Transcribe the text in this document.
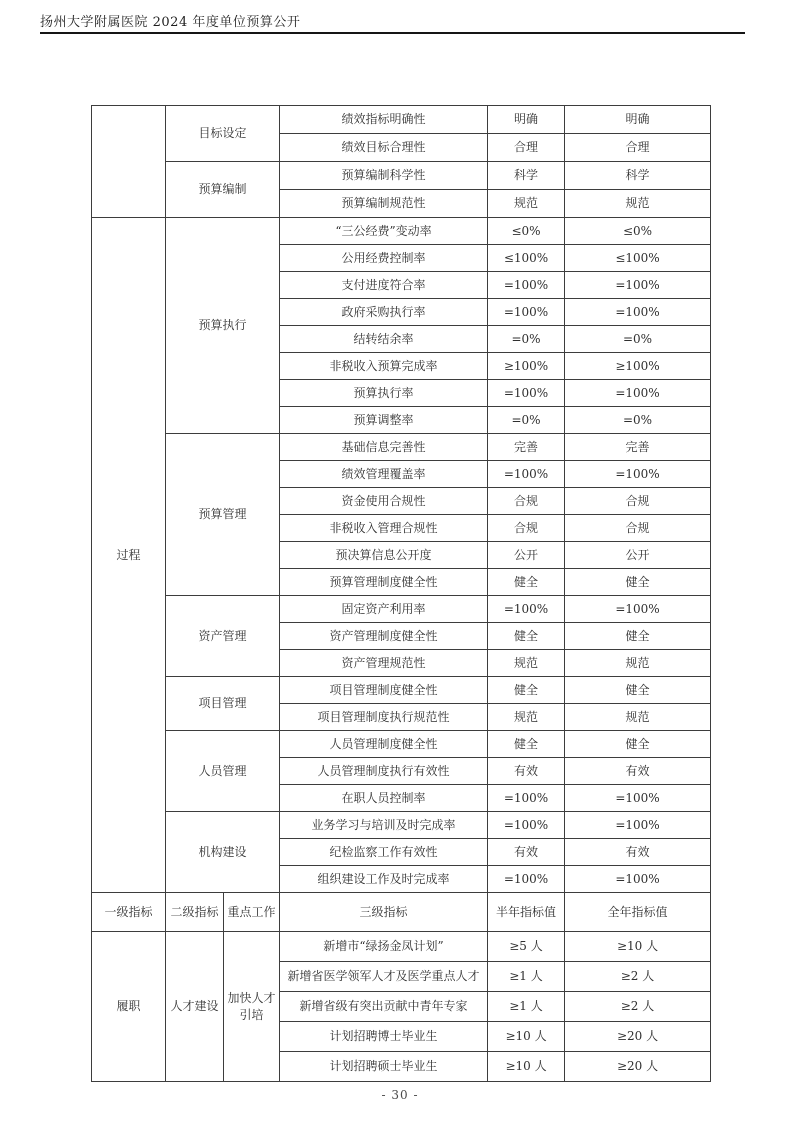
扬州大学附属医院 2024 年度单位预算公开
	目标设定		绩效指标明确性	明确	明确
			绩效目标合理性	合理	合理
	预算编制		预算编制科学性	科学	科学
			预算编制规范性	规范	规范
过程	预算执行		“三公经费”变动率	≤0%	≤0%
			公用经费控制率	≤100%	≤100%
			支付进度符合率	=100%	=100%
			政府采购执行率	=100%	=100%
			结转结余率	=0%	=0%
			非税收入预算完成率	≥100%	≥100%
			预算执行率	=100%	=100%
			预算调整率	=0%	=0%
	预算管理		基础信息完善性	完善	完善
			绩效管理覆盖率	=100%	=100%
			资金使用合规性	合规	合规
			非税收入管理合规性	合规	合规
			预决算信息公开度	公开	公开
			预算管理制度健全性	健全	健全
	资产管理		固定资产利用率	=100%	=100%
			资产管理制度健全性	健全	健全
			资产管理规范性	规范	规范
	项目管理		项目管理制度健全性	健全	健全
			项目管理制度执行规范性	规范	规范
	人员管理		人员管理制度健全性	健全	健全
			人员管理制度执行有效性	有效	有效
			在职人员控制率	=100%	=100%
	机构建设		业务学习与培训及时完成率	=100%	=100%
			纪检监察工作有效性	有效	有效
			组织建设工作及时完成率	=100%	=100%
一级指标	二级指标	重点工作	三级指标	半年指标值	全年指标值
履职	人才建设	加快人才引培	新增市“绿扬金凤计划”	≥5 人	≥10 人
			新增省医学领军人才及医学重点人才	≥1 人	≥2 人
			新增省级有突出贡献中青年专家	≥1 人	≥2 人
			计划招聘博士毕业生	≥10 人	≥20 人
			计划招聘硕士毕业生	≥10 人	≥20 人
- 30 -
